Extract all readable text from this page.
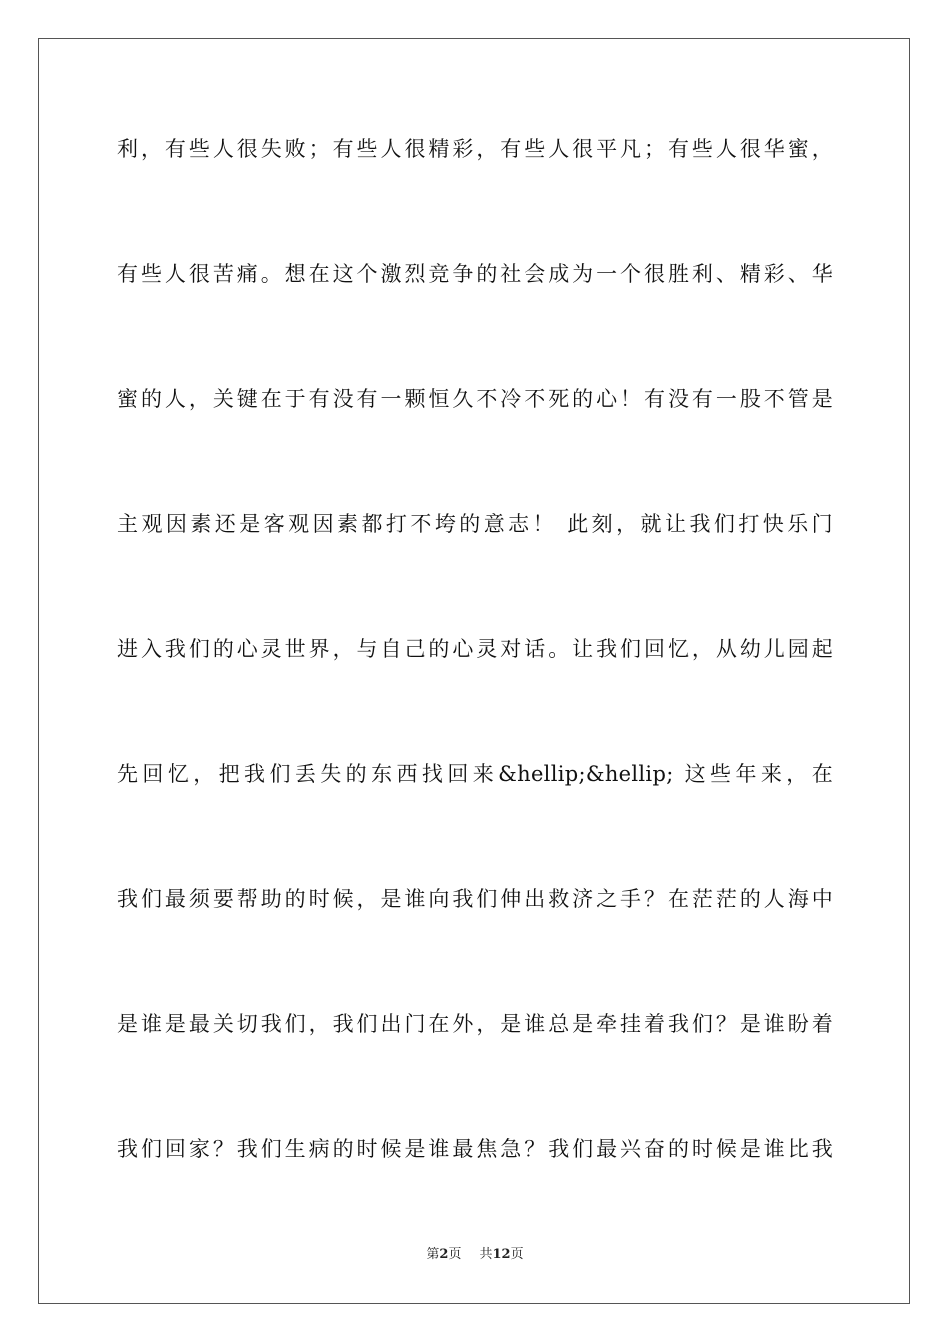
利，有些人很失败；有些人很精彩，有些人很平凡；有些人很华蜜，
有些人很苦痛。想在这个激烈竞争的社会成为一个很胜利、精彩、华
蜜的人，关键在于有没有一颗恒久不冷不死的心！有没有一股不管是
主观因素还是客观因素都打不垮的意志！ 此刻，就让我们打快乐门
进入我们的心灵世界，与自己的心灵对话。让我们回忆，从幼儿园起
先回忆，把我们丢失的东西找回来&hellip;&hellip; 这些年来，在
我们最须要帮助的时候，是谁向我们伸出救济之手？在茫茫的人海中
是谁是最关切我们，我们出门在外，是谁总是牵挂着我们？是谁盼着
我们回家？我们生病的时候是谁最焦急？我们最兴奋的时候是谁比我
第2页 共12页
